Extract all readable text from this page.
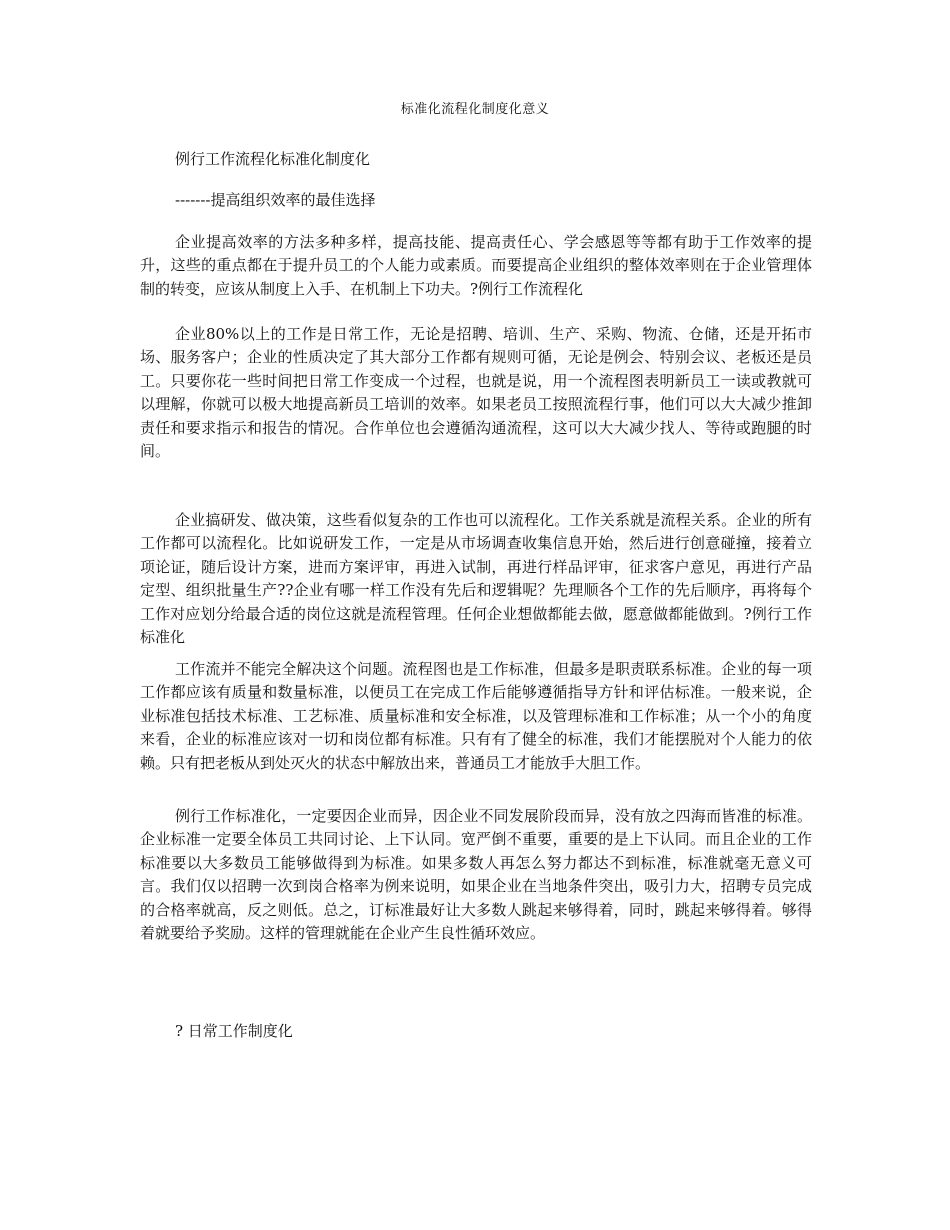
标准化流程化制度化意义
例行工作流程化标准化制度化
-------提高组织效率的最佳选择

企业提高效率的方法多种多样，提高技能、提高责任心、学会感恩等等都有助于工作效率的提升，这些的重点都在于提升员工的个人能力或素质。而要提高企业组织的整体效率则在于企业管理体制的转变，应该从制度上入手、在机制上下功夫。?例行工作流程化

企业80%以上的工作是日常工作，无论是招聘、培训、生产、采购、物流、仓储，还是开拓市场、服务客户；企业的性质决定了其大部分工作都有规则可循，无论是例会、特别会议、老板还是员工。只要你花一些时间把日常工作变成一个过程，也就是说，用一个流程图表明新员工一读或教就可以理解，你就可以极大地提高新员工培训的效率。如果老员工按照流程行事，他们可以大大减少推卸责任和要求指示和报告的情况。合作单位也会遵循沟通流程，这可以大大减少找人、等待或跑腿的时间。

企业搞研发、做决策，这些看似复杂的工作也可以流程化。工作关系就是流程关系。企业的所有工作都可以流程化。比如说研发工作，一定是从市场调查收集信息开始，然后进行创意碰撞，接着立项论证，随后设计方案，进而方案评审，再进入试制，再进行样品评审，征求客户意见，再进行产品定型、组织批量生产??企业有哪一样工作没有先后和逻辑呢？先理顺各个工作的先后顺序，再将每个工作对应划分给最合适的岗位这就是流程管理。任何企业想做都能去做，愿意做都能做到。?例行工作标准化

工作流并不能完全解决这个问题。流程图也是工作标准，但最多是职责联系标准。企业的每一项工作都应该有质量和数量标准，以便员工在完成工作后能够遵循指导方针和评估标准。一般来说，企业标准包括技术标准、工艺标准、质量标准和安全标准，以及管理标准和工作标准；从一个小的角度来看，企业的标准应该对一切和岗位都有标准。只有有了健全的标准，我们才能摆脱对个人能力的依赖。只有把老板从到处灭火的状态中解放出来，普通员工才能放手大胆工作。

例行工作标准化，一定要因企业而异，因企业不同发展阶段而异，没有放之四海而皆准的标准。企业标准一定要全体员工共同讨论、上下认同。宽严倒不重要，重要的是上下认同。而且企业的工作标准要以大多数员工能够做得到为标准。如果多数人再怎么努力都达不到标准，标准就毫无意义可言。我们仅以招聘一次到岗合格率为例来说明，如果企业在当地条件突出，吸引力大，招聘专员完成的合格率就高，反之则低。总之，订标准最好让大多数人跳起来够得着，同时，跳起来够得着。够得着就要给予奖励。这样的管理就能在企业产生良性循环效应。

? 日常工作制度化
